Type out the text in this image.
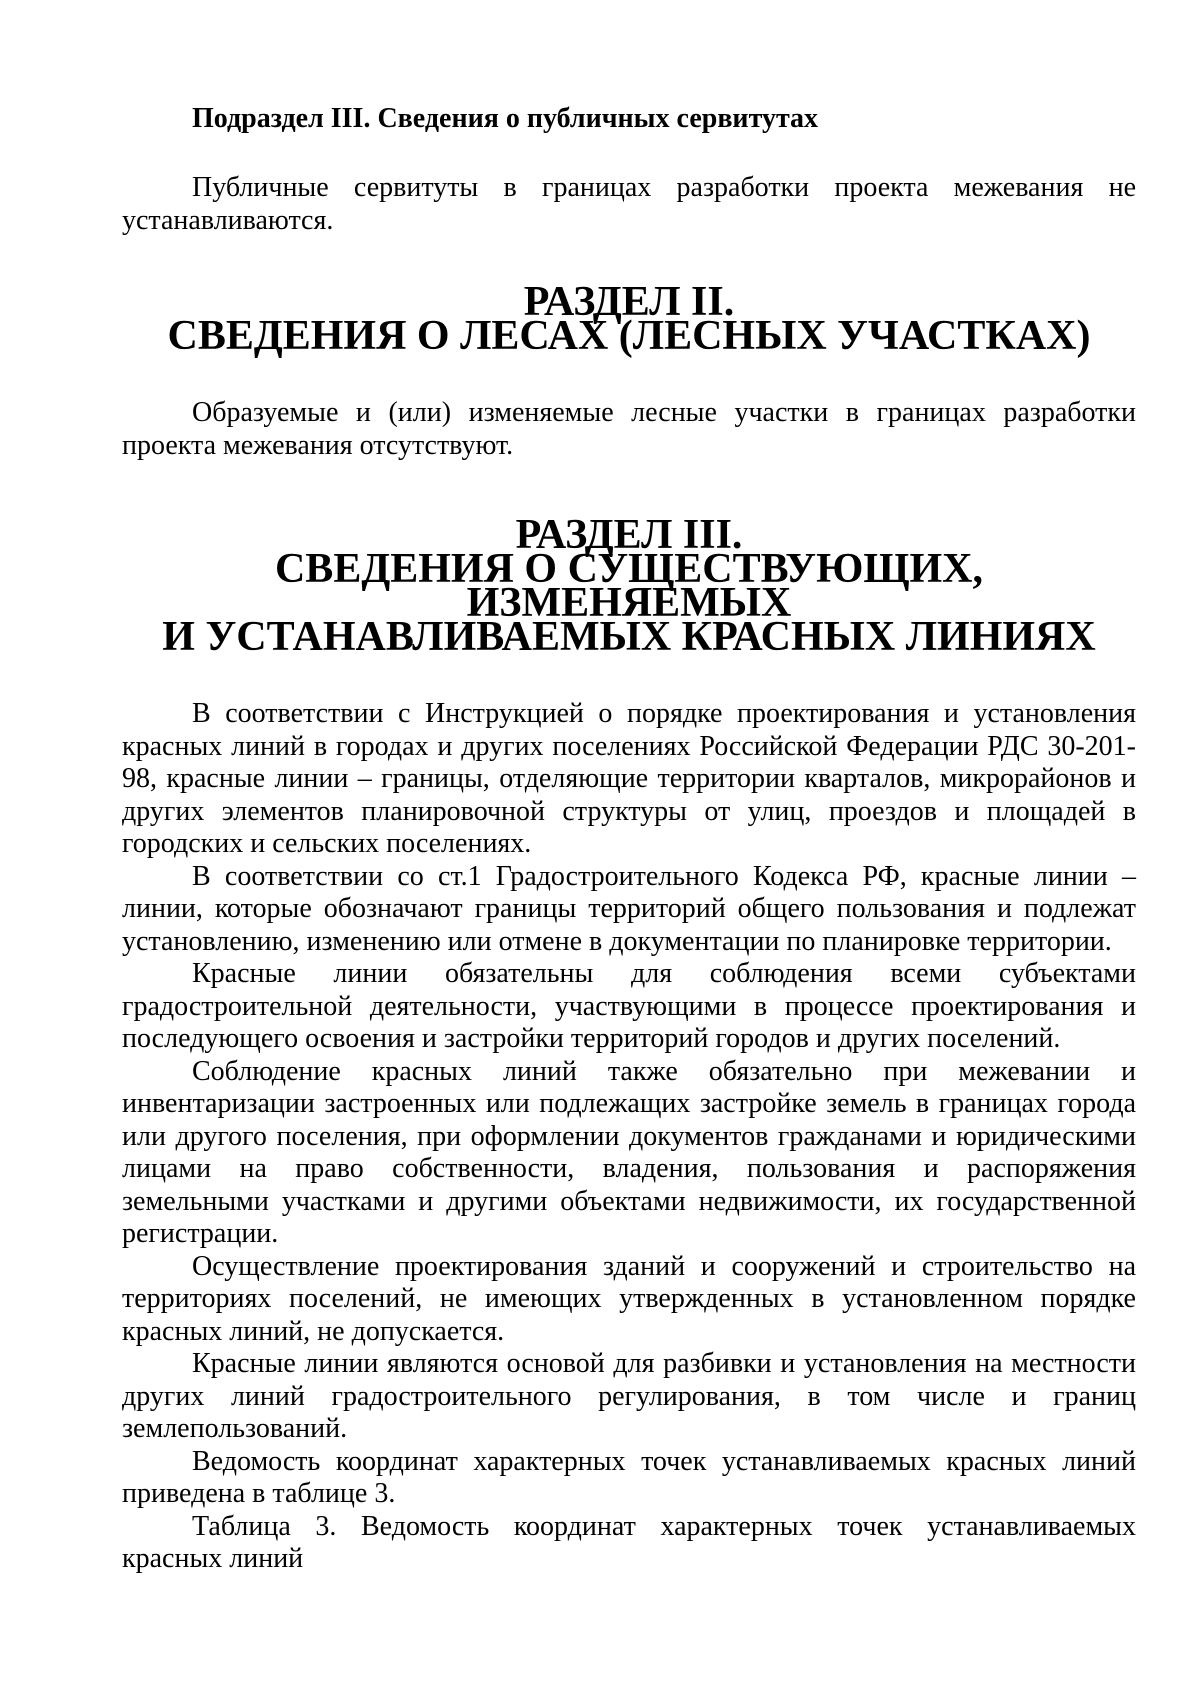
Подраздел III. Сведения о публичных сервитутах

Публичные сервитуты в границах разработки проекта межевания не устанавливаются.

РАЗДЕЛ II.
СВЕДЕНИЯ О ЛЕСАХ (ЛЕСНЫХ УЧАСТКАХ)

Образуемые и (или) изменяемые лесные участки в границах разработки проекта межевания отсутствуют.

РАЗДЕЛ III.
СВЕДЕНИЯ О СУЩЕСТВУЮЩИХ, ИЗМЕНЯЕМЫХ
И УСТАНАВЛИВАЕМЫХ КРАСНЫХ ЛИНИЯХ

В соответствии с Инструкцией о порядке проектирования и установления красных линий в городах и других поселениях Российской Федерации РДС 30-201-98, красные линии – границы, отделяющие территории кварталов, микрорайонов и других элементов планировочной структуры от улиц, проездов и площадей в городских и сельских поселениях.

В соответствии со ст.1 Градостроительного Кодекса РФ, красные линии – линии, которые обозначают границы территорий общего пользования и подлежат установлению, изменению или отмене в документации по планировке территории.

Красные линии обязательны для соблюдения всеми субъектами градостроительной деятельности, участвующими в процессе проектирования и последующего освоения и застройки территорий городов и других поселений.

Соблюдение красных линий также обязательно при межевании и инвентаризации застроенных или подлежащих застройке земель в границах города или другого поселения, при оформлении документов гражданами и юридическими лицами на право собственности, владения, пользования и распоряжения земельными участками и другими объектами недвижимости, их государственной регистрации.

Осуществление проектирования зданий и сооружений и строительство на территориях поселений, не имеющих утвержденных в установленном порядке красных линий, не допускается.

Красные линии являются основой для разбивки и установления на местности других линий градостроительного регулирования, в том числе и границ землепользований.

Ведомость координат характерных точек устанавливаемых красных линий приведена в таблице 3.

Таблица 3. Ведомость координат характерных точек устанавливаемых красных линий
